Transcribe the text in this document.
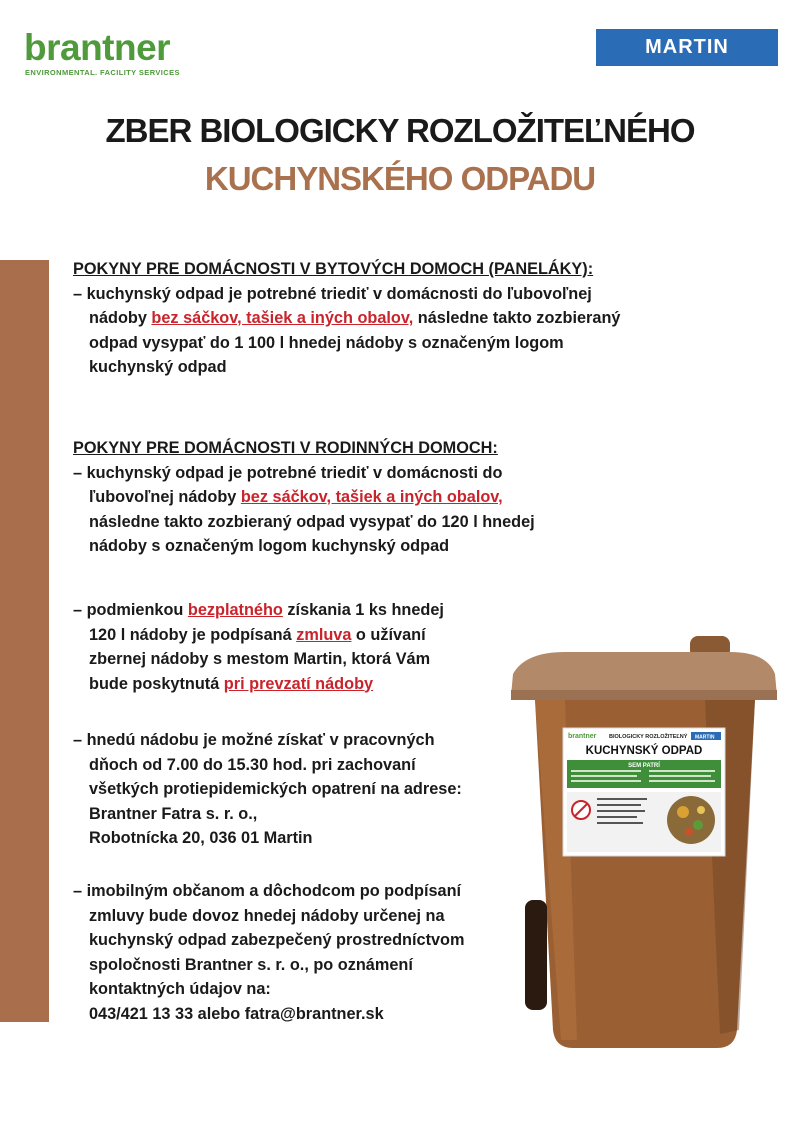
brantner
ENVIRONMENTAL. FACILITY SERVICES
MARTIN
ZBER BIOLOGICKY ROZLOŽITEĽNÉHO
KUCHYNSKÉHO ODPADU
POKYNY PRE DOMÁCNOSTI V BYTOVÝCH DOMOCH (PANELÁKY):
– kuchynský odpad je potrebné triediť v domácnosti do ľubovoľnej
nádoby bez sáčkov, tašiek a iných obalov, následne takto zozbieraný
odpad vysypať do 1 100 l hnedej nádoby s označeným logom
kuchynský odpad
POKYNY PRE DOMÁCNOSTI V RODINNÝCH DOMOCH:
– kuchynský odpad je potrebné triediť v domácnosti do
ľubovoľnej nádoby bez sáčkov, tašiek a iných obalov,
následne takto zozbieraný odpad vysypať do 120 l hnedej
nádoby s označeným logom kuchynský odpad
– podmienkou bezplatného získania 1 ks hnedej
120 l nádoby je podpísaná zmluva o užívaní
zbernej nádoby s mestom Martin, ktorá Vám
bude poskytnutá pri prevzatí nádoby
– hnedú nádobu je možné získať v pracovných
dňoch od 7.00 do 15.30 hod. pri zachovaní
všetkých protiepidemických opatrení na adrese:
Brantner Fatra s. r. o.,
Robotnícka 20, 036 01 Martin
– imobilným občanom a dôchodcom po podpísaní
zmluvy bude dovoz hnedej nádoby určenej na
kuchynský odpad zabezpečený prostredníctvom
spoločnosti Brantner s. r. o., po oznámení
kontaktných údajov na:
043/421 13 33 alebo fatra@brantner.sk
brantner BIOLOGICKY ROZLOŽITEĽNÝ MARTIN
KUCHYNSKÝ ODPAD
SEM PATRÍ
